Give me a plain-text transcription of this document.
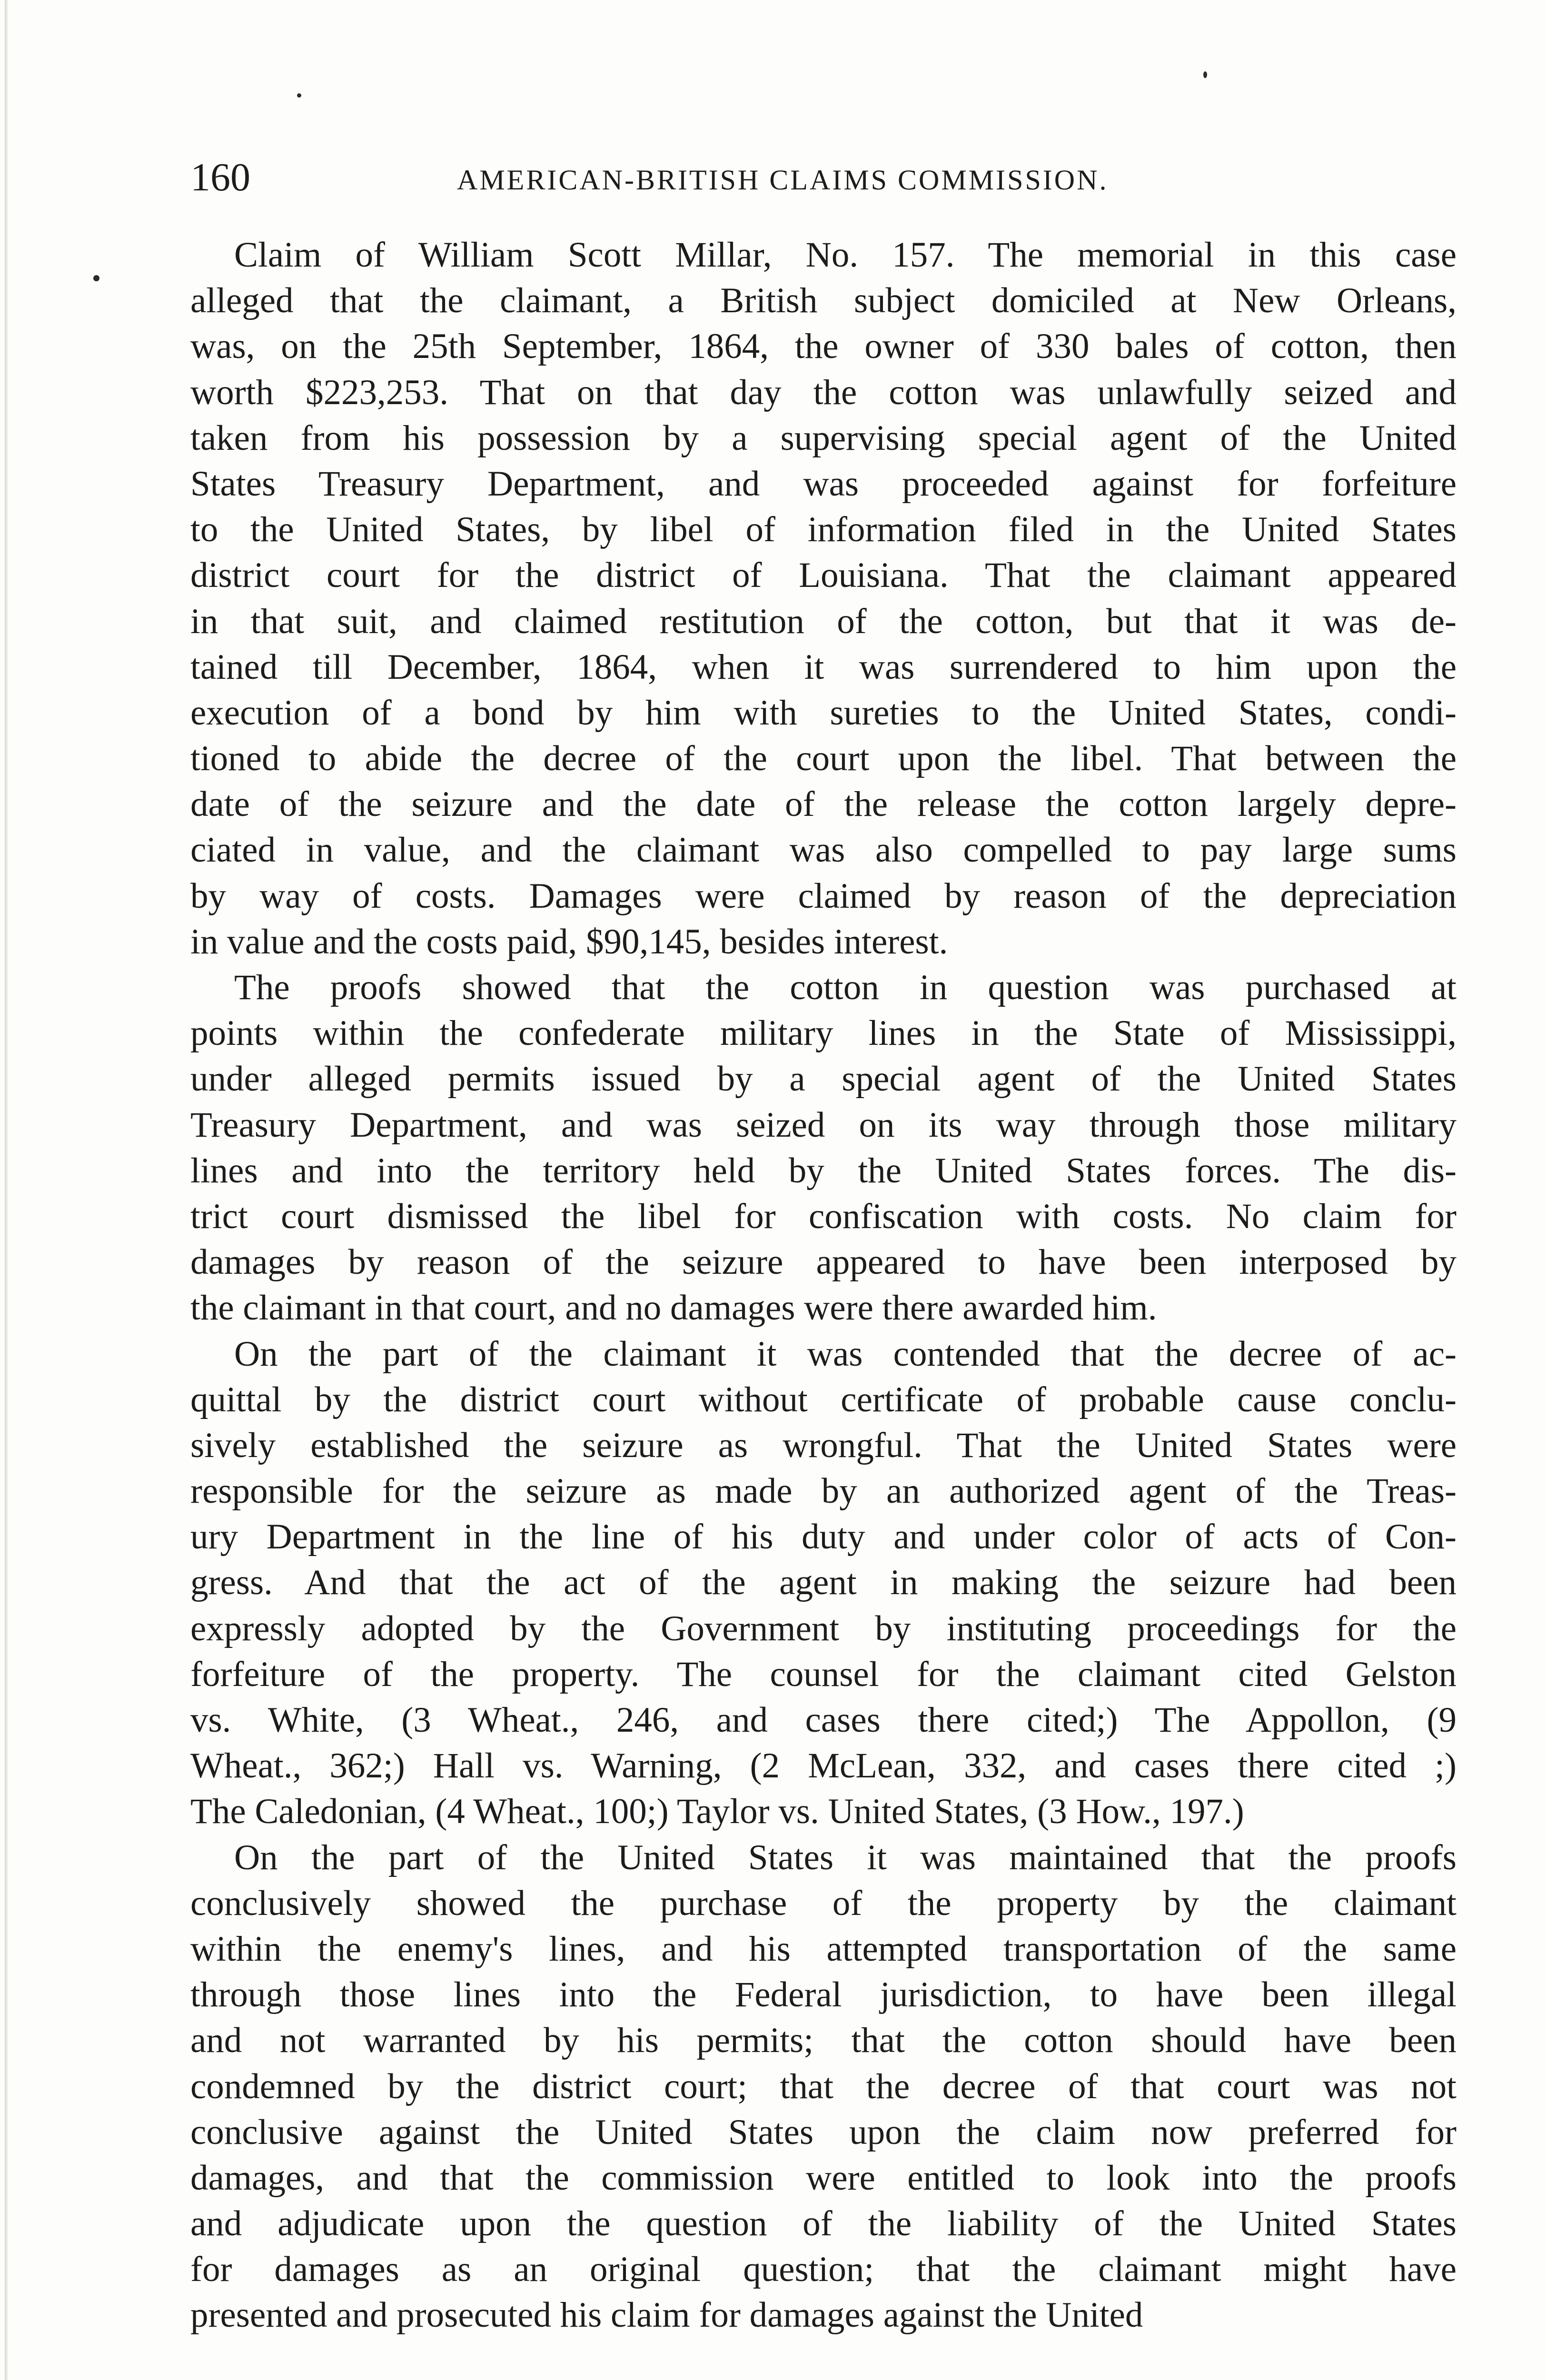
160	AMERICAN-BRITISH CLAIMS COMMISSION.
Claim of William Scott Millar, No. 157. The memorial in this case
alleged that the claimant, a British subject domiciled at New Orleans,
was, on the 25th September, 1864, the owner of 330 bales of cotton, then
worth $223,253. That on that day the cotton was unlawfully seized and
taken from his possession by a supervising special agent of the United
States Treasury Department, and was proceeded against for forfeiture
to the United States, by libel of information filed in the United States
district court for the district of Louisiana. That the claimant appeared
in that suit, and claimed restitution of the cotton, but that it was de-
tained till December, 1864, when it was surrendered to him upon the
execution of a bond by him with sureties to the United States, condi-
tioned to abide the decree of the court upon the libel. That between the
date of the seizure and the date of the release the cotton largely depre-
ciated in value, and the claimant was also compelled to pay large sums
by way of costs. Damages were claimed by reason of the depreciation
in value and the costs paid, $90,145, besides interest.
The proofs showed that the cotton in question was purchased at
points within the confederate military lines in the State of Mississippi,
under alleged permits issued by a special agent of the United States
Treasury Department, and was seized on its way through those military
lines and into the territory held by the United States forces. The dis-
trict court dismissed the libel for confiscation with costs. No claim for
damages by reason of the seizure appeared to have been interposed by
the claimant in that court, and no damages were there awarded him.
On the part of the claimant it was contended that the decree of ac-
quittal by the district court without certificate of probable cause conclu-
sively established the seizure as wrongful. That the United States were
responsible for the seizure as made by an authorized agent of the Treas-
ury Department in the line of his duty and under color of acts of Con-
gress. And that the act of the agent in making the seizure had been
expressly adopted by the Government by instituting proceedings for the
forfeiture of the property. The counsel for the claimant cited Gelston
vs. White, (3 Wheat., 246, and cases there cited;) The Appollon, (9
Wheat., 362;) Hall vs. Warning, (2 McLean, 332, and cases there cited ;)
The Caledonian, (4 Wheat., 100;) Taylor vs. United States, (3 How., 197.)
On the part of the United States it was maintained that the proofs
conclusively showed the purchase of the property by the claimant
within the enemy's lines, and his attempted transportation of the same
through those lines into the Federal jurisdiction, to have been illegal
and not warranted by his permits; that the cotton should have been
condemned by the district court; that the decree of that court was not
conclusive against the United States upon the claim now preferred for
damages, and that the commission were entitled to look into the proofs
and adjudicate upon the question of the liability of the United States
for damages as an original question; that the claimant might have
presented and prosecuted his claim for damages against the United
